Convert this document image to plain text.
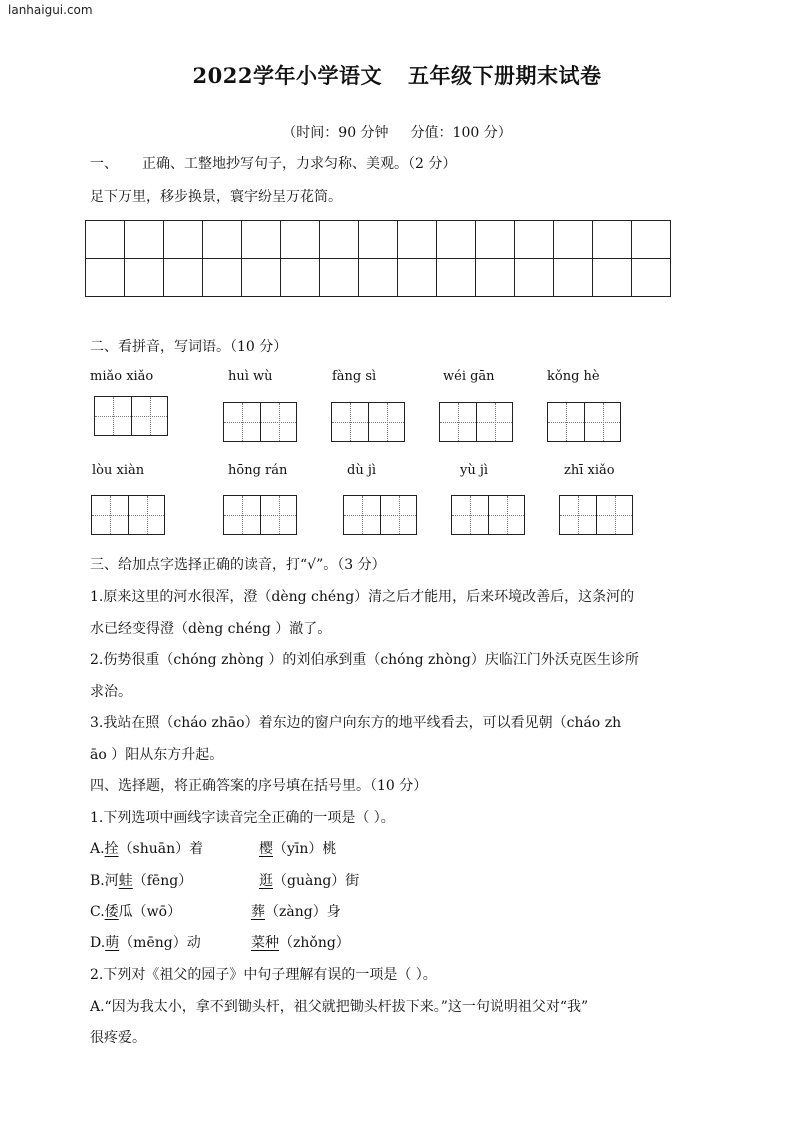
lanhaigui.com
2022学年小学语文 五年级下册期末试卷
（时间：90 分钟 分值：100 分）
一、 正确、工整地抄写句子，力求匀称、美观。（2 分）
足下万里，移步换景，寰宇纷呈万花筒。

二、看拼音，写词语。（10 分）
miǎo xiǎo	huì wù	fàng sì	wéi gān	kǒng hè
lòu xiàn	hōng rán	dù jì	yù jì	zhī xiǎo
三、给加点字选择正确的读音，打“√”。（3 分）
1.原来这里的河水很浑，澄（dèng chéng）清之后才能用，后来环境改善后，这条河的
水已经变得澄（dèng chéng ）澈了。
2.伤势很重（chóng zhòng ）的刘伯承到重（chóng zhòng）庆临江门外沃克医生诊所
求治。
3.我站在照（cháo zhāo）着东边的窗户向东方的地平线看去，可以看见朝（cháo zh
āo ）阳从东方升起。
四、选择题，将正确答案的序号填在括号里。（10 分）
1.下列选项中画线字读音完全正确的一项是（ ）。
A.拴（shuān）着	樱（yīn）桃
B.河蛙（fēng）	逛（guàng）街
C.倭瓜（wō）	葬（zàng）身
D.萌（mēng）动	菜种（zhǒng）
2.下列对《祖父的园子》中句子理解有误的一项是（ ）。
A.“因为我太小，拿不到锄头杆，祖父就把锄头杆拔下来。”这一句说明祖父对“我”
很疼爱。
